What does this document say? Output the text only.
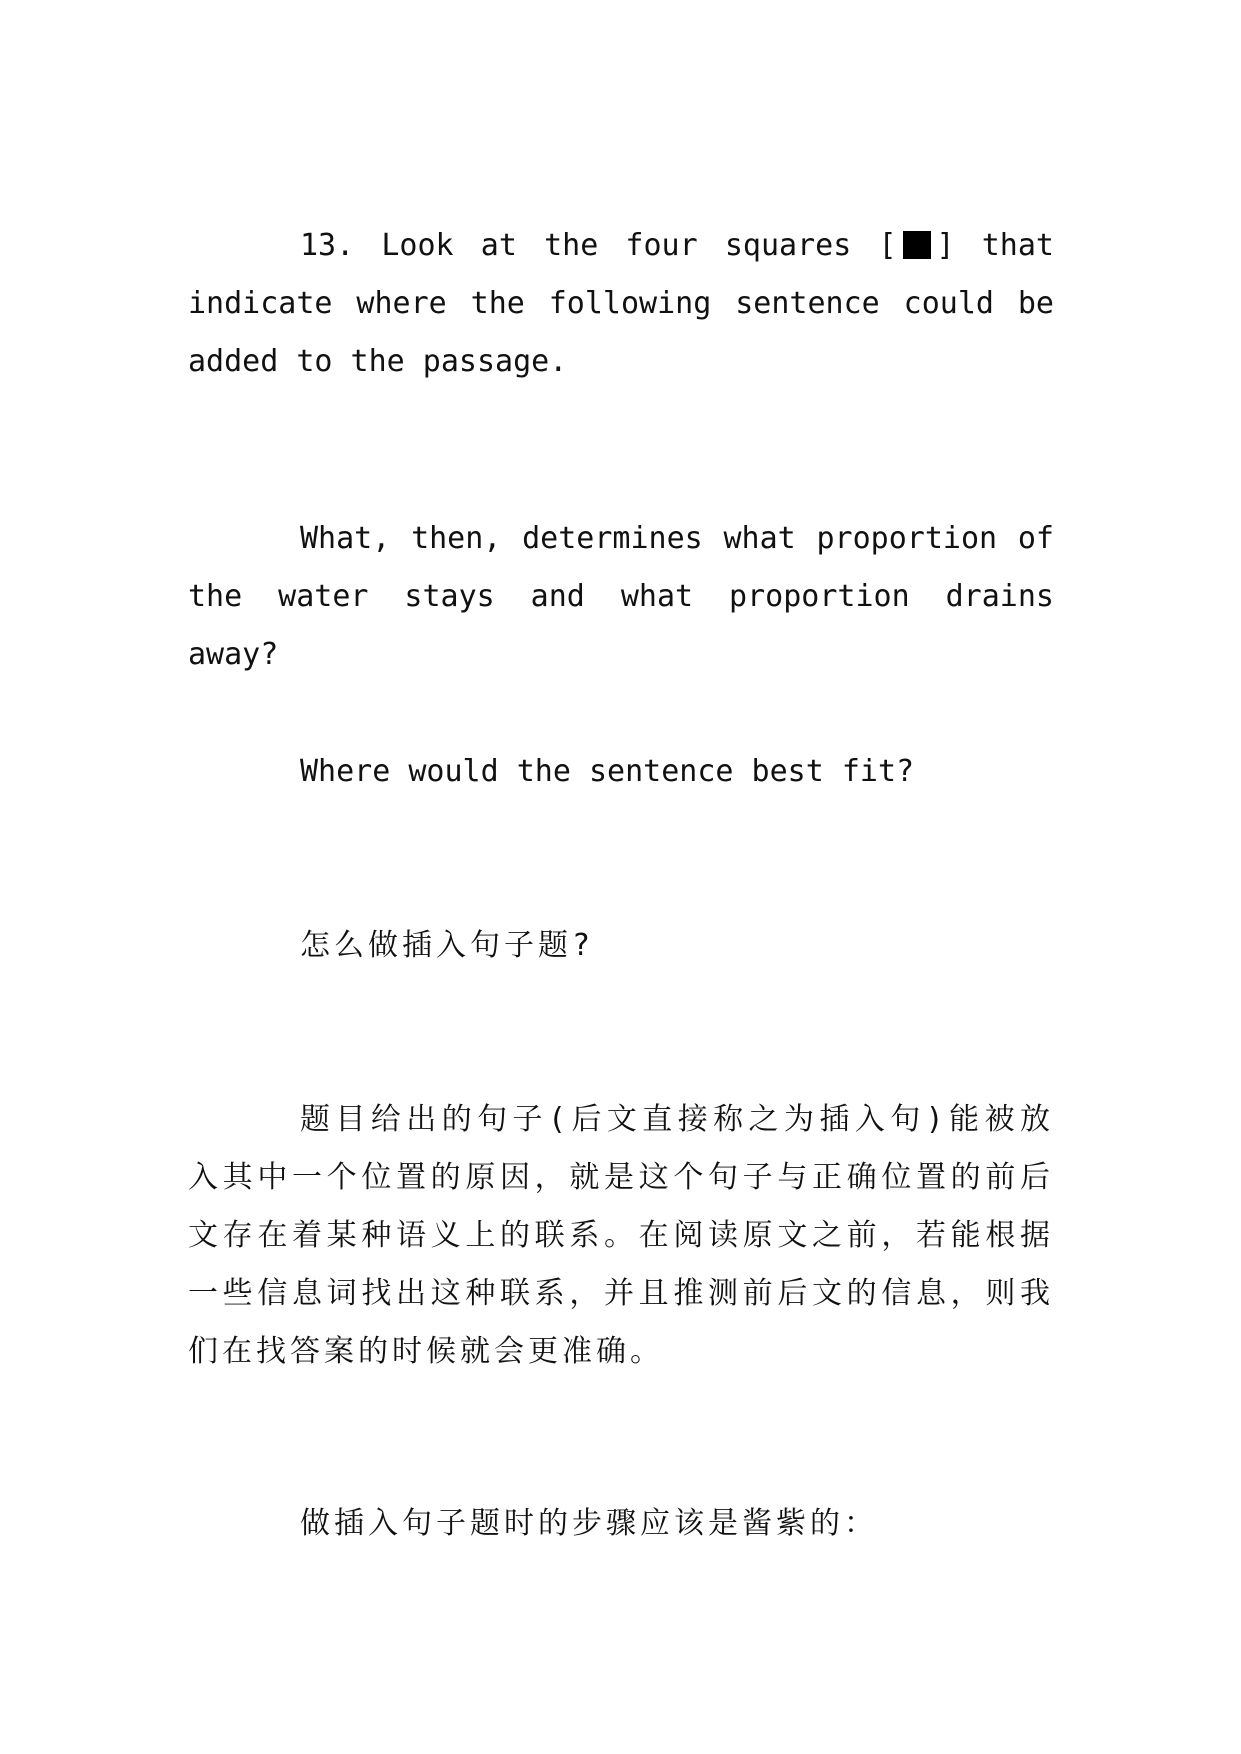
13. Look at the four squares [ ] that indicate where the following sentence could be added to the passage.

What, then, determines what proportion of the water stays and what proportion drains away?

Where would the sentence best fit?

怎么做插入句子题?

题目给出的句子(后文直接称之为插入句)能被放入其中一个位置的原因，就是这个句子与正确位置的前后文存在着某种语义上的联系。在阅读原文之前，若能根据一些信息词找出这种联系，并且推测前后文的信息，则我们在找答案的时候就会更准确。

做插入句子题时的步骤应该是酱紫的：
